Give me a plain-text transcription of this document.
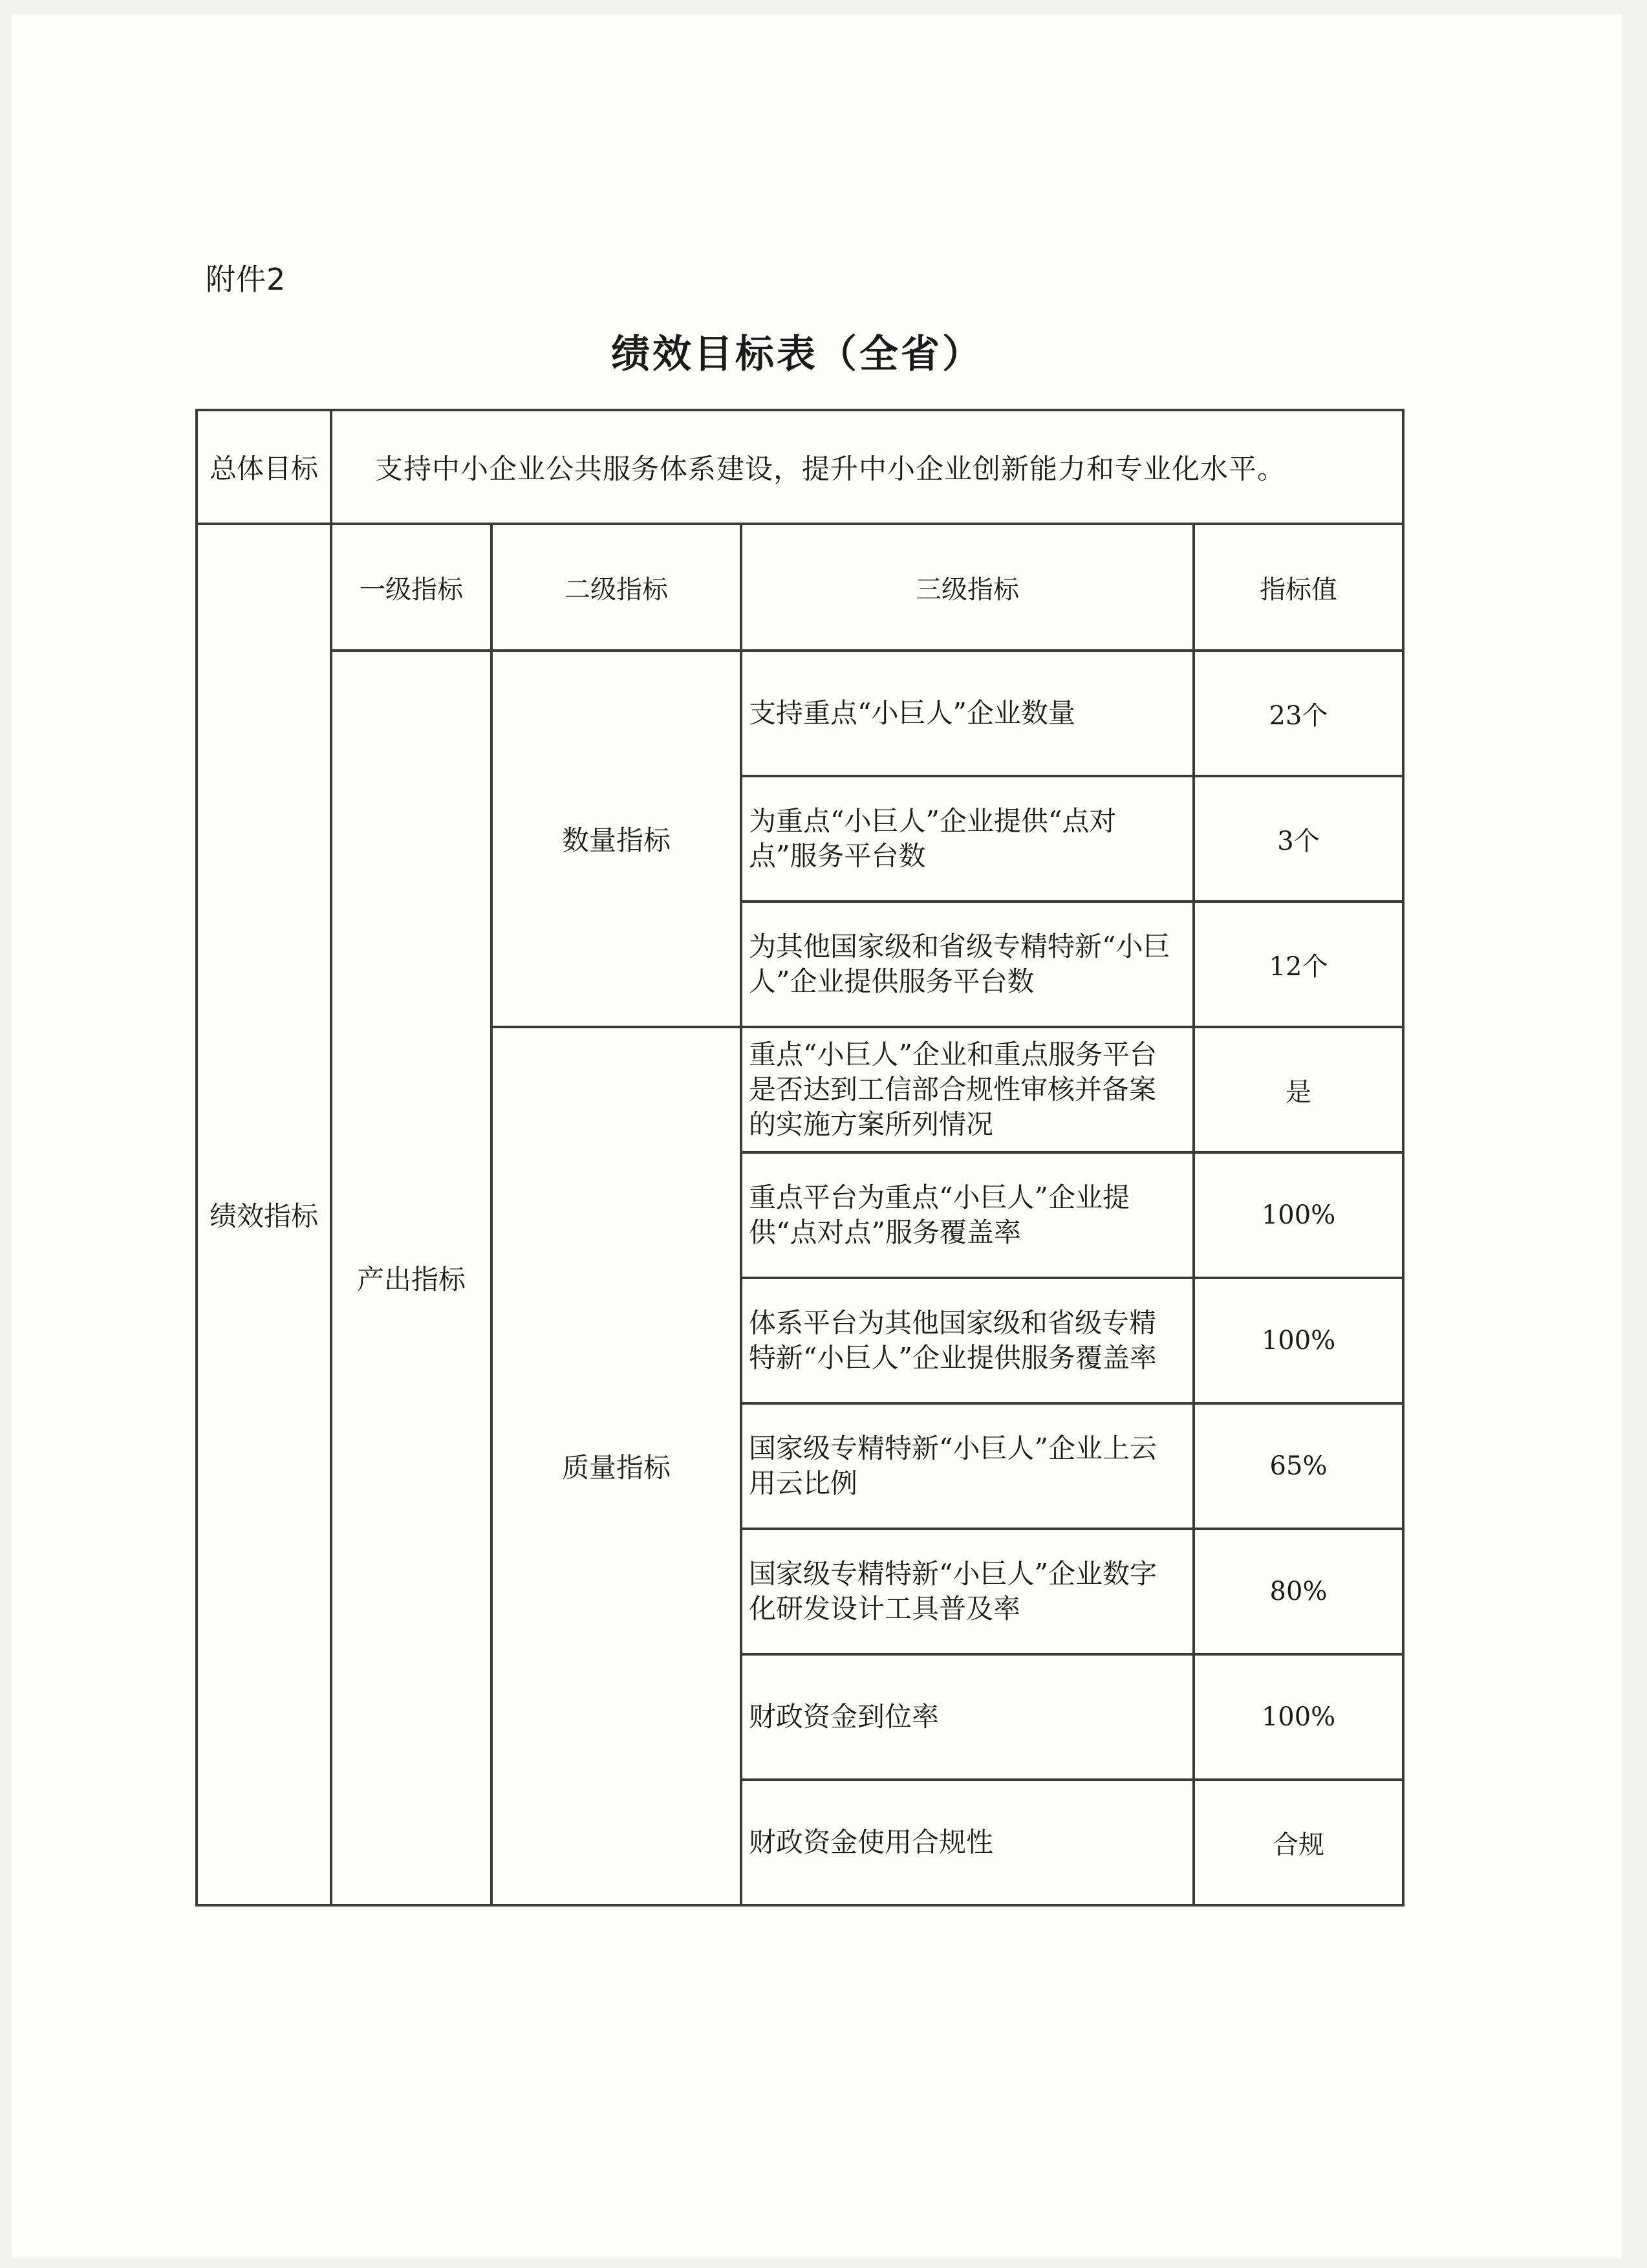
附件2
绩效目标表（全省）
总体目标	支持中小企业公共服务体系建设，提升中小企业创新能力和专业化水平。			
绩效指标	一级指标	二级指标	三级指标	指标值
	产出指标	数量指标	支持重点“小巨人”企业数量	23个
			为重点“小巨人”企业提供“点对点”服务平台数	3个
			为其他国家级和省级专精特新“小巨人”企业提供服务平台数	12个
		质量指标	重点“小巨人”企业和重点服务平台是否达到工信部合规性审核并备案的实施方案所列情况	是
			重点平台为重点“小巨人”企业提供“点对点”服务覆盖率	100%
			体系平台为其他国家级和省级专精特新“小巨人”企业提供服务覆盖率	100%
			国家级专精特新“小巨人”企业上云用云比例	65%
			国家级专精特新“小巨人”企业数字化研发设计工具普及率	80%
			财政资金到位率	100%
			财政资金使用合规性	合规
